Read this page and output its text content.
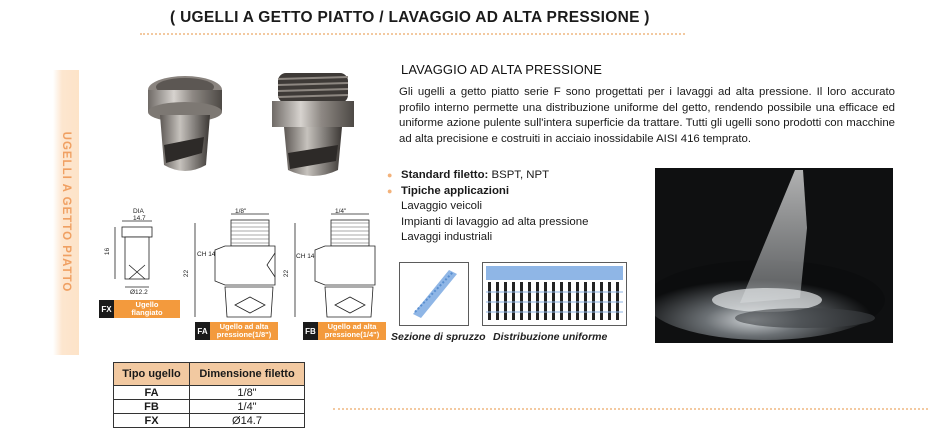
( UGELLI A GETTO PIATTO / LAVAGGIO AD ALTA PRESSIONE )
UGELLI A GETTO PIATTO	DIA
14.7
16
Ø12.2
1/8"
CH 14
22
1/4"
CH 14
22
FX	Ugello
flangiato
FA	Ugello ad alta
pressione(1/8")	FB Ugello ad alta
pressione(1/4")
LAVAGGIO AD ALTA PRESSIONE
Gli ugelli a getto piatto serie F sono progettati per i lavaggi ad alta pressione. Il loro accurato profilo interno permette una distribuzione uniforme del getto, rendendo possibile una efficace ed uniforme azione pulente sull'intera superficie da trattare. Tutti gli ugelli sono prodotti con macchine ad alta precisione e costruiti in acciaio inossidabile AISI 416 temprato.
● Standard filetto: BSPT, NPT
● Tipiche applicazioni
Lavaggio veicoli
Impianti di lavaggio ad alta pressione
Lavaggi industriali
Sezione di spruzzo Distribuzione uniforme
Tipo ugello	Dimensione filetto
FA	1/8"
FB	1/4"
FX	Ø14.7
